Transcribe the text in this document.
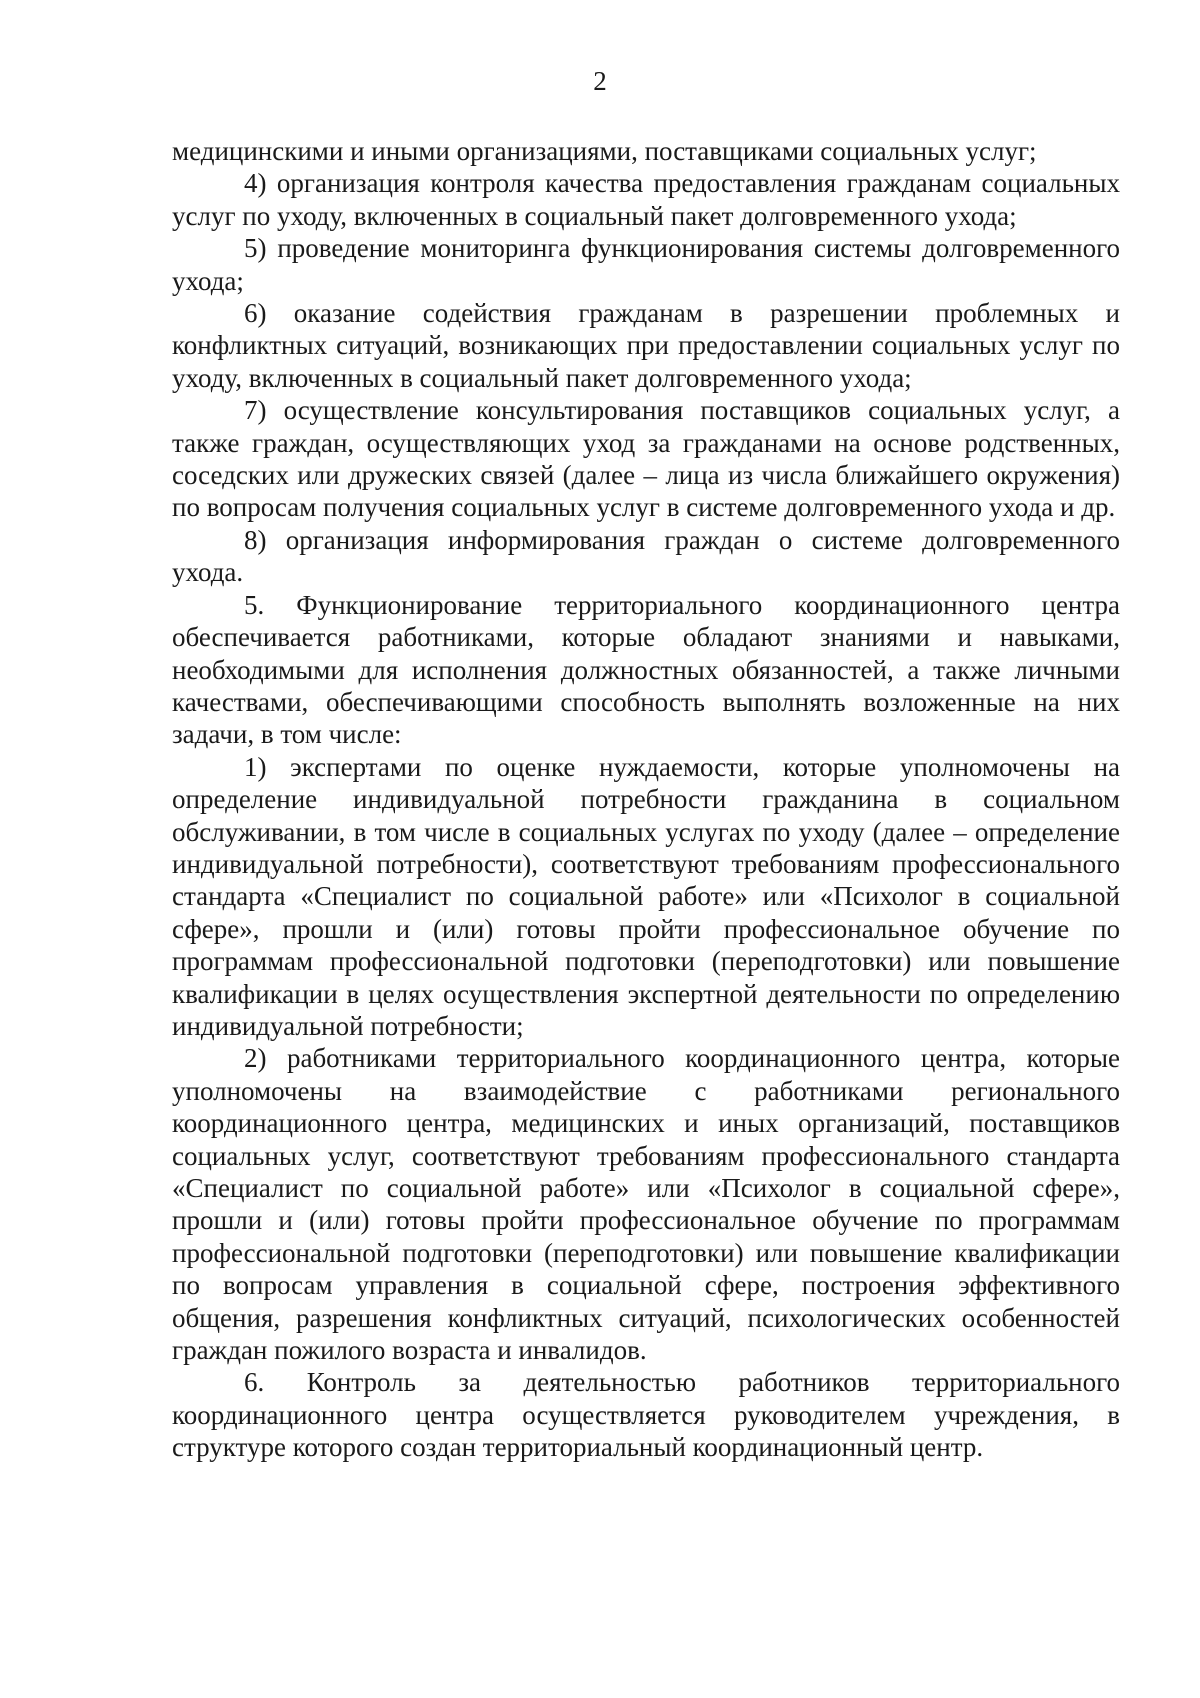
2

медицинскими и иными организациями, поставщиками социальных услуг;

4) организация контроля качества предоставления гражданам социальных услуг по уходу, включенных в социальный пакет долговременного ухода;

5) проведение мониторинга функционирования системы долговременного ухода;

6) оказание содействия гражданам в разрешении проблемных и конфликтных ситуаций, возникающих при предоставлении социальных услуг по уходу, включенных в социальный пакет долговременного ухода;

7) осуществление консультирования поставщиков социальных услуг, а также граждан, осуществляющих уход за гражданами на основе родственных, соседских или дружеских связей (далее – лица из числа ближайшего окружения) по вопросам получения социальных услуг в системе долговременного ухода и др.

8) организация информирования граждан о системе долговременного ухода.

5. Функционирование территориального координационного центра обеспечивается работниками, которые обладают знаниями и навыками, необходимыми для исполнения должностных обязанностей, а также личными качествами, обеспечивающими способность выполнять возложенные на них задачи, в том числе:

1) экспертами по оценке нуждаемости, которые уполномочены на определение индивидуальной потребности гражданина в социальном обслуживании, в том числе в социальных услугах по уходу (далее – определение индивидуальной потребности), соответствуют требованиям профессионального стандарта «Специалист по социальной работе» или «Психолог в социальной сфере», прошли и (или) готовы пройти профессиональное обучение по программам профессиональной подготовки (переподготовки) или повышение квалификации в целях осуществления экспертной деятельности по определению индивидуальной потребности;

2) работниками территориального координационного центра, которые уполномочены на взаимодействие с работниками регионального координационного центра, медицинских и иных организаций, поставщиков социальных услуг, соответствуют требованиям профессионального стандарта «Специалист по социальной работе» или «Психолог в социальной сфере», прошли и (или) готовы пройти профессиональное обучение по программам профессиональной подготовки (переподготовки) или повышение квалификации по вопросам управления в социальной сфере, построения эффективного общения, разрешения конфликтных ситуаций, психологических особенностей граждан пожилого возраста и инвалидов.

6. Контроль за деятельностью работников территориального координационного центра осуществляется руководителем учреждения, в структуре которого создан территориальный координационный центр.
